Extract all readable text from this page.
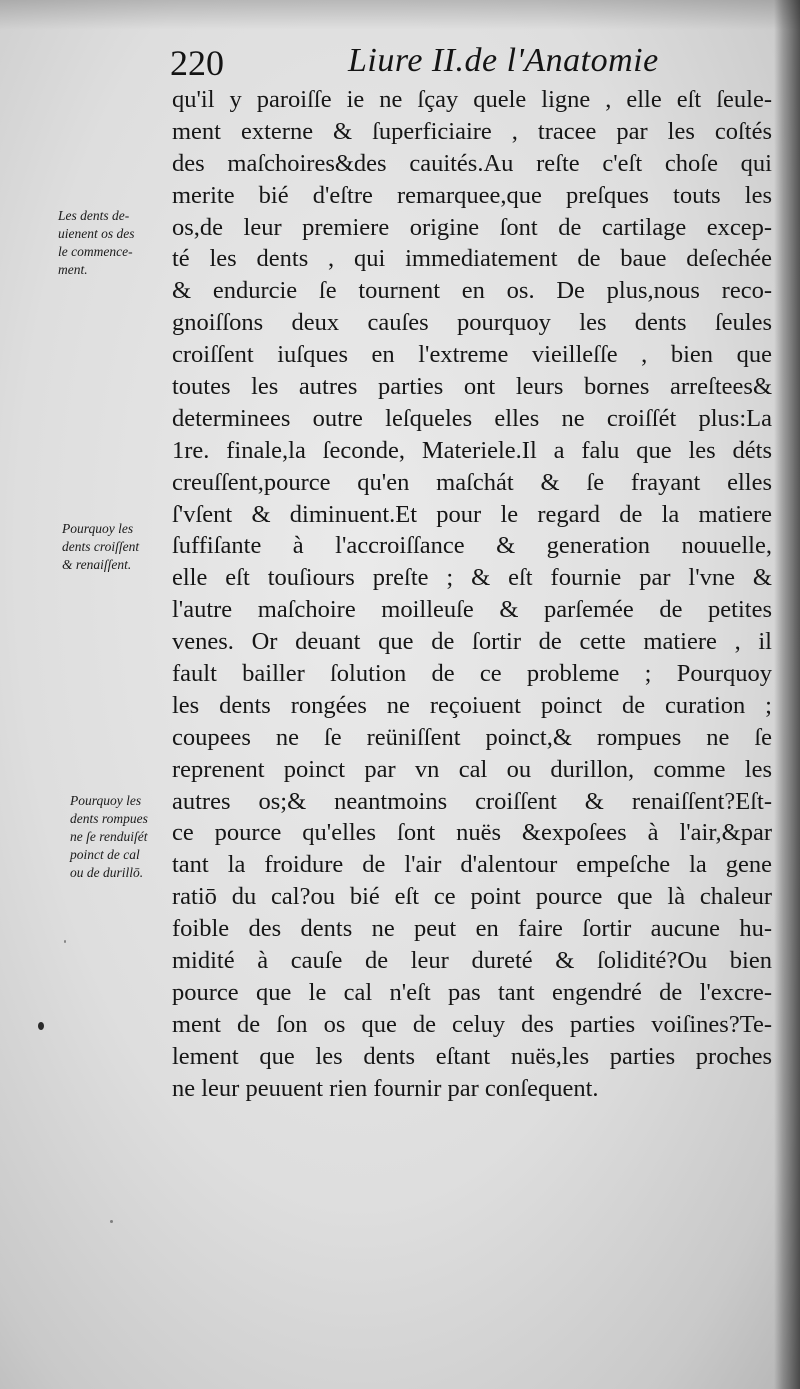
220	Liure II.de l'Anatomie
qu'il y paroiſſe ie ne ſçay quele ligne , elle eſt ſeule-
ment externe & ſuperficiaire , tracee par les coſtés
des maſchoires&des cauités.Au reſte c'eſt choſe qui
merite bié d'eſtre remarquee,que preſques touts les
os,de leur premiere origine ſont de cartilage excep-
té les dents , qui immediatement de baue deſechée
& endurcie ſe tournent en os. De plus,nous reco-
gnoiſſons deux cauſes pourquoy les dents ſeules
croiſſent iuſques en l'extreme vieilleſſe , bien que
toutes les autres parties ont leurs bornes arreſtees&
determinees outre leſqueles elles ne croiſſét plus:La
1re. finale,la ſeconde, Materiele.Il a falu que les déts
creuſſent,pource qu'en maſchát & ſe frayant elles
ſ'vſent & diminuent.Et pour le regard de la matiere
ſuffiſante à l'accroiſſance & generation nouuelle,
elle eſt touſiours preſte ; & eſt fournie par l'vne &
l'autre maſchoire moilleuſe & parſemée de petites
venes. Or deuant que de ſortir de cette matiere , il
fault bailler ſolution de ce probleme ; Pourquoy
les dents rongées ne reçoiuent poinct de curation ;
coupees ne ſe reüniſſent poinct,& rompues ne ſe
reprenent poinct par vn cal ou durillon, comme les
autres os;& neantmoins croiſſent & renaiſſent?Eſt-
ce pource qu'elles ſont nuës &expoſees à l'air,&par
tant la froidure de l'air d'alentour empeſche la gene
ratiō du cal?ou bié eſt ce point pource que là chaleur
foible des dents ne peut en faire ſortir aucune hu-
midité à cauſe de leur dureté & ſolidité?Ou bien
pource que le cal n'eſt pas tant engendré de l'excre-
ment de ſon os que de celuy des parties voiſines?Te-
lement que les dents eſtant nuës,les parties proches
ne leur peuuent rien fournir par conſequent.
Les dents de-
uienent os des
le commence-
ment.
Pourquoy les
dents croiſſent
& renaiſſent.
Pourquoy les
dents rompues
ne ſe renduiſét
poinct de cal
ou de durillō.
